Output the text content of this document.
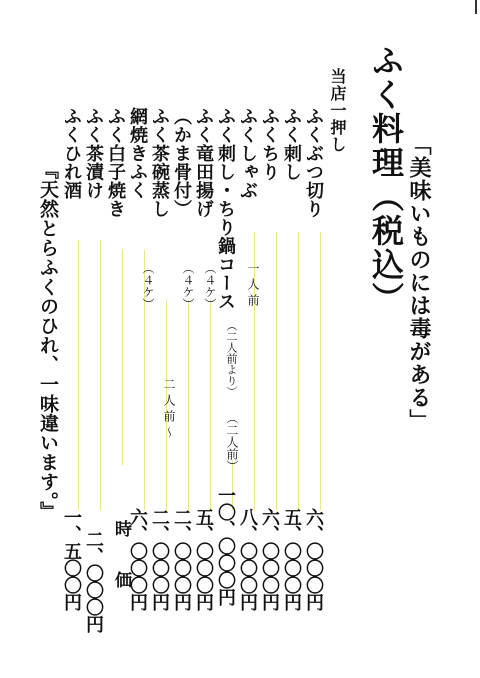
ふく料理（税込） 「美味いものには毒がある」
当店一押し
ふくぶつ切り
ふく刺し
ふくちり
ふくしゃぶ
ふく刺し・ちり鍋コース
ふく竜田揚げ
（かま骨付）
ふく茶碗蒸し
網焼きふく
ふく白子焼き
ふく茶漬け
ふくひれ酒
一人前
（二人前より）
（二人前）
（４ケ）
（４ケ）
（４ケ）
二人前～
六、〇〇〇円
五、〇〇〇円
六、〇〇〇円
八、〇〇〇円
一〇、〇〇〇円
五、〇〇〇円
二、〇〇〇円
二、〇〇〇円
六、〇〇〇円
時価
二、〇〇〇円
一、五〇〇円
『天然とらふくのひれ、一味違います。』
